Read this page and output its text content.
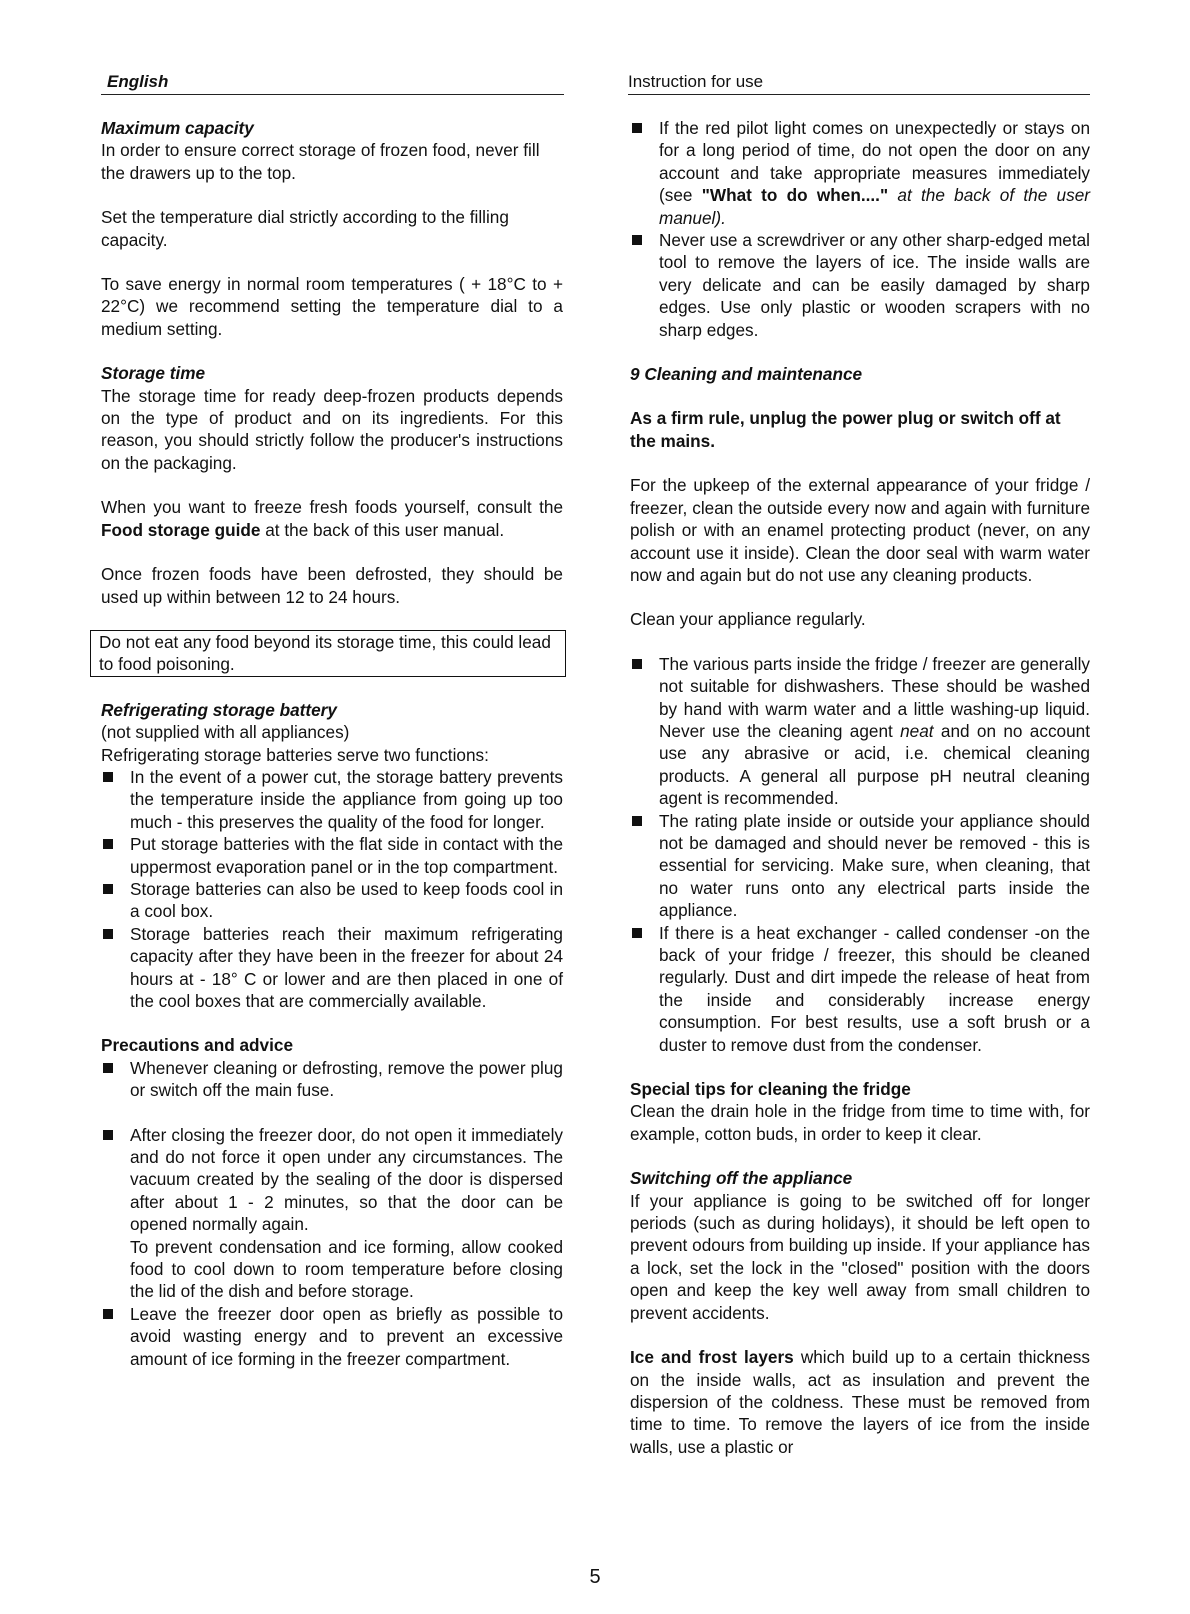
English	Instruction for use

Maximum capacity

In order to ensure correct storage of frozen food, never fill the drawers up to the top.

Set the temperature dial strictly according to the filling capacity.

To save energy in normal room temperatures ( + 18°C to + 22°C) we recommend setting the temperature dial to a medium setting.

Storage time

The storage time for ready deep-frozen products depends on the type of product and on its ingredients. For this reason, you should strictly follow the producer's instructions on the packaging.

When you want to freeze fresh foods yourself, consult the Food storage guide at the back of this user manual.

Once frozen foods have been defrosted, they should be used up within between 12 to 24 hours.

Do not eat any food beyond its storage time, this could lead to food poisoning.

Refrigerating storage battery

(not supplied with all appliances)

Refrigerating storage batteries serve two functions:

In the event of a power cut, the storage battery prevents the temperature inside the appliance from going up too much - this preserves the quality of the food for longer.
Put storage batteries with the flat side in contact with the uppermost evaporation panel or in the top compartment.
Storage batteries can also be used to keep foods cool in a cool box.
Storage batteries reach their maximum refrigerating capacity after they have been in the freezer for about 24 hours at - 18° C or lower and are then placed in one of the cool boxes that are commercially available.

Precautions and advice

Whenever cleaning or defrosting, remove the power plug or switch off the main fuse.
After closing the freezer door, do not open it immediately and do not force it open under any circumstances. The vacuum created by the sealing of the door is dispersed after about 1 - 2 minutes, so that the door can be opened normally again.
To prevent condensation and ice forming, allow cooked food to cool down to room temperature before closing the lid of the dish and before storage.
Leave the freezer door open as briefly as possible to avoid wasting energy and to prevent an excessive amount of ice forming in the freezer compartment.
If the red pilot light comes on unexpectedly or stays on for a long period of time, do not open the door on any account and take appropriate measures immediately (see "What to do when...." at the back of the user manuel).
Never use a screwdriver or any other sharp-edged metal tool to remove the layers of ice. The inside walls are very delicate and can be easily damaged by sharp edges. Use only plastic or wooden scrapers with no sharp edges.

9 Cleaning and maintenance

As a firm rule, unplug the power plug or switch off at the mains.

For the upkeep of the external appearance of your fridge / freezer, clean the outside every now and again with furniture polish or with an enamel protecting product (never, on any account use it inside). Clean the door seal with warm water now and again but do not use any cleaning products.

Clean your appliance regularly.

The various parts inside the fridge / freezer are generally not suitable for dishwashers. These should be washed by hand with warm water and a little washing-up liquid. Never use the cleaning agent neat and on no account use any abrasive or acid, i.e. chemical cleaning products. A general all purpose pH neutral cleaning agent is recommended.
The rating plate inside or outside your appliance should not be damaged and should never be removed - this is essential for servicing. Make sure, when cleaning, that no water runs onto any electrical parts inside the appliance.
If there is a heat exchanger - called condenser -on the back of your fridge / freezer, this should be cleaned regularly. Dust and dirt impede the release of heat from the inside and considerably increase energy consumption. For best results, use a soft brush or a duster to remove dust from the condenser.

Special tips for cleaning the fridge

Clean the drain hole in the fridge from time to time with, for example, cotton buds, in order to keep it clear.

Switching off the appliance

If your appliance is going to be switched off for longer periods (such as during holidays), it should be left open to prevent odours from building up inside. If your appliance has a lock, set the lock in the "closed" position with the doors open and keep the key well away from small children to prevent accidents.

Ice and frost layers which build up to a certain thickness on the inside walls, act as insulation and prevent the dispersion of the coldness. These must be removed from time to time. To remove the layers of ice from the inside walls, use a plastic or

5
